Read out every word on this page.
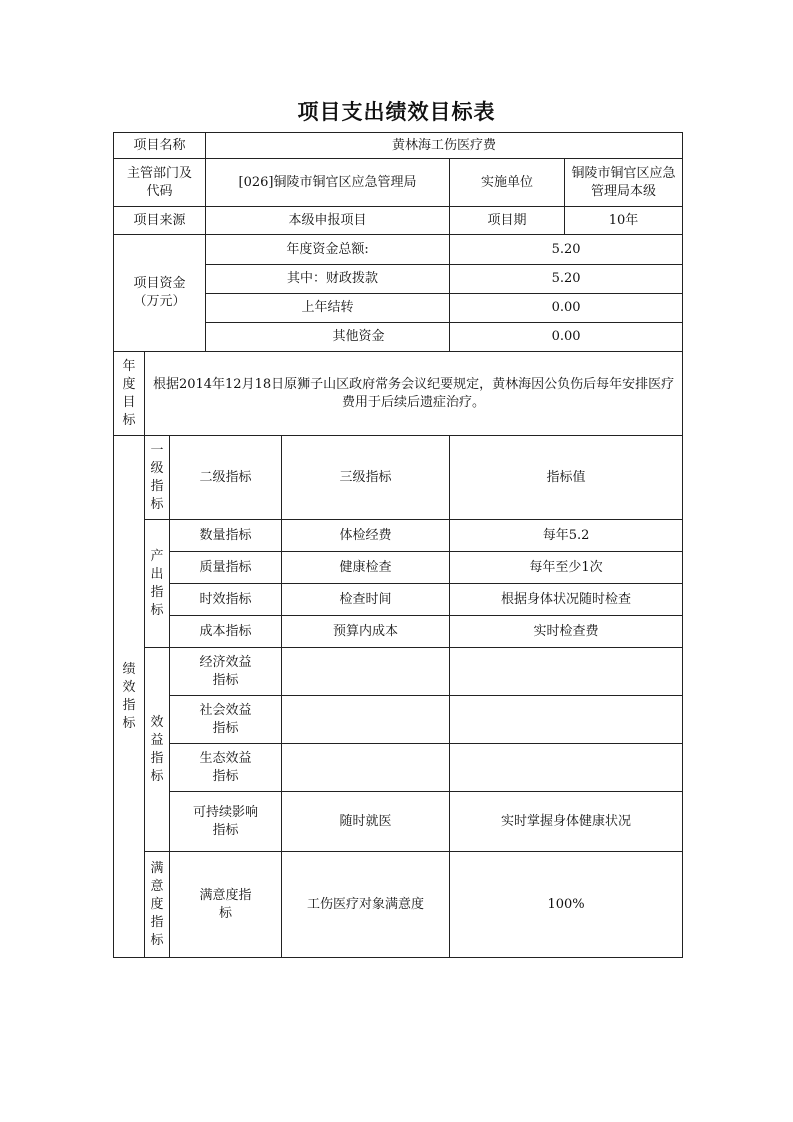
项目支出绩效目标表
项目名称			黄林海工伤医疗费			

主管部门及代码			[026]铜陵市铜官区应急管理局		实施单位	铜陵市铜官区应急管理局本级
项目来源			本级申报项目		项目期	10年

项目资金（万元）			年度资金总额:		5.20	
			其中：财政拨款		5.20	
			上年结转		0.00	
			其他资金		0.00	
年度目标	根据2014年12月18日原狮子山区政府常务会议纪要规定，黄林海因公负伤后每年安排医疗费用于后续后遗症治疗。					
绩效指标	一级指标	二级指标		三级指标	指标值	
	产出指标	数量指标		体检经费	每年5.2	
		质量指标		健康检查	每年至少1次	
		时效指标		检查时间	根据身体状况随时检查	
		成本指标		预算内成本	实时检查费	
	效益指标	经济效益指标				

		社会效益指标				

		生态效益指标				

		可持续影响指标		随时就医	实时掌握身体健康状况	
	满意度指标	满意度指标		工伤医疗对象满意度	100%	
